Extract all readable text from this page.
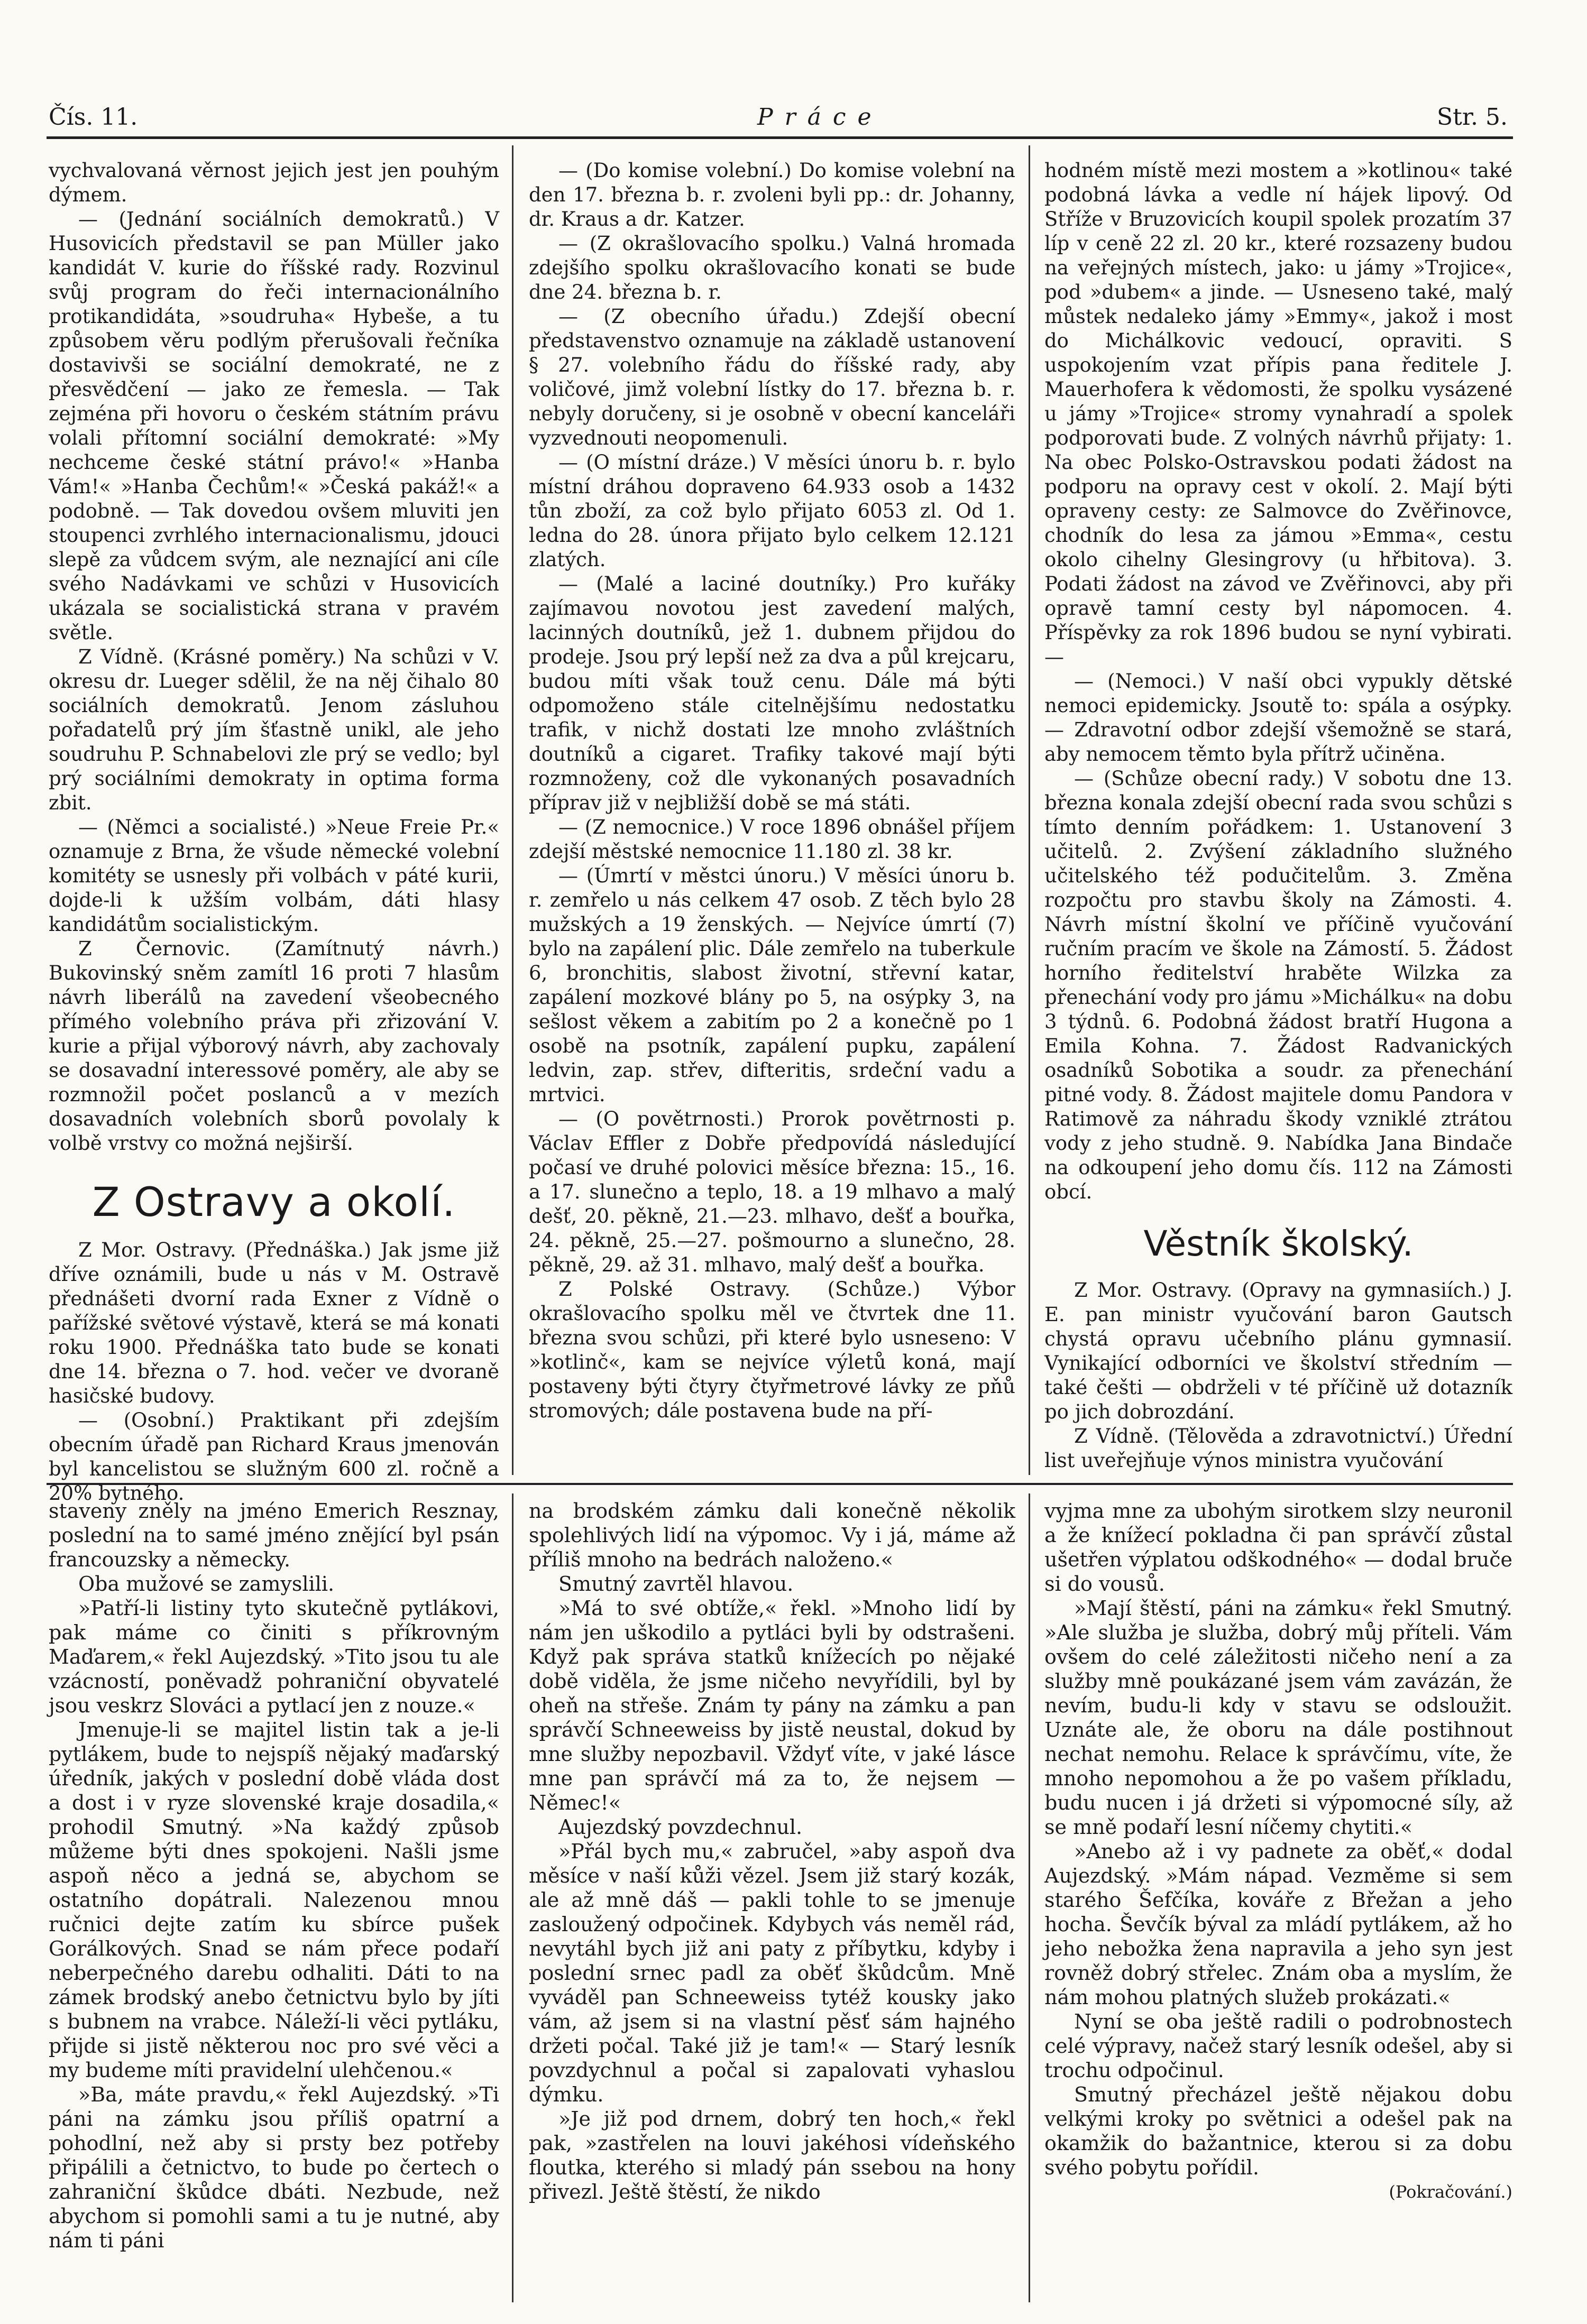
Čís. 11.	Práce	Str. 5.

vychvalovaná věrnost jejich jest jen pouhým dýmem.

— (Jednání sociálních demokratů.) V Husovicích představil se pan Müller jako kandidát V. kurie do říšské rady. Rozvinul svůj program do řeči internacionálního protikandidáta, »soudruha« Hybeše, a tu způsobem věru podlým přerušovali řečníka dostavivši se sociální demokraté, ne z přesvědčení — jako ze řemesla. — Tak zejména při hovoru o českém státním právu volali přítomní sociální demokraté: »My nechceme české státní právo!« »Hanba Vám!« »Hanba Čechům!« »Česká pakáž!« a podobně. — Tak dovedou ovšem mluviti jen stoupenci zvrhlého internacionalismu, jdouci slepě za vůdcem svým, ale neznající ani cíle svého Nadávkami ve schůzi v Husovicích ukázala se socialistická strana v pravém světle.

Z Vídně. (Krásné poměry.) Na schůzi v V. okresu dr. Lueger sdělil, že na něj čihalo 80 sociálních demokratů. Jenom zásluhou pořadatelů prý jím šťastně unikl, ale jeho soudruhu P. Schnabelovi zle prý se vedlo; byl prý sociálními demokraty in optima forma zbit.

— (Němci a socialisté.) »Neue Freie Pr.« oznamuje z Brna, že všude německé volební komitéty se usnesly při volbách v páté kurii, dojde-li k užším volbám, dáti hlasy kandidátům socialistickým.

Z Černovic. (Zamítnutý návrh.) Bukovinský sněm zamítl 16 proti 7 hlasům návrh liberálů na zavedení všeobecného přímého volebního práva při zřizování V. kurie a přijal výborový návrh, aby zachovaly se dosavadní interessové poměry, ale aby se rozmnožil počet poslanců a v mezích dosavadních volebních sborů povolaly k volbě vrstvy co možná nejširší.

Z Ostravy a okolí.

Z Mor. Ostravy. (Přednáška.) Jak jsme již dříve oznámili, bude u nás v M. Ostravě přednášeti dvorní rada Exner z Vídně o pařížské světové výstavě, která se má konati roku 1900. Přednáška tato bude se konati dne 14. března o 7. hod. večer ve dvoraně hasičské budovy.

— (Osobní.) Praktikant při zdejším obecním úřadě pan Richard Kraus jmenován byl kancelistou se služným 600 zl. ročně a 20% bytného.

— (Do komise volební.) Do komise volební na den 17. března b. r. zvoleni byli pp.: dr. Johanny, dr. Kraus a dr. Katzer.

— (Z okrašlovacího spolku.) Valná hromada zdejšího spolku okrašlovacího konati se bude dne 24. března b. r.

— (Z obecního úřadu.) Zdejší obecní představenstvo oznamuje na základě ustanovení § 27. volebního řádu do říšské rady, aby voličové, jimž volební lístky do 17. března b. r. nebyly doručeny, si je osobně v obecní kanceláři vyzvednouti neopomenuli.

— (O místní dráze.) V měsíci únoru b. r. bylo místní dráhou dopraveno 64.933 osob a 1432 tůn zboží, za což bylo přijato 6053 zl. Od 1. ledna do 28. února přijato bylo celkem 12.121 zlatých.

— (Malé a laciné doutníky.) Pro kuřáky zajímavou novotou jest zavedení malých, lacinných doutníků, jež 1. dubnem přijdou do prodeje. Jsou prý lepší než za dva a půl krejcaru, budou míti však touž cenu. Dále má býti odpomoženo stále citelnějšímu nedostatku trafik, v nichž dostati lze mnoho zvláštních doutníků a cigaret. Trafiky takové mají býti rozmnoženy, což dle vykonaných posavadních příprav již v nejbližší době se má státi.

— (Z nemocnice.) V roce 1896 obnášel příjem zdejší městské nemocnice 11.180 zl. 38 kr.

— (Úmrtí v městci únoru.) V měsíci únoru b. r. zemřelo u nás celkem 47 osob. Z těch bylo 28 mužských a 19 ženských. — Nejvíce úmrtí (7) bylo na zapálení plic. Dále zemřelo na tuberkule 6, bronchitis, slabost životní, střevní katar, zapálení mozkové blány po 5, na osýpky 3, na sešlost věkem a zabitím po 2 a konečně po 1 osobě na psotník, zapálení pupku, zapálení ledvin, zap. střev, difteritis, srdeční vadu a mrtvici.

— (O povětrnosti.) Prorok povětrnosti p. Václav Effler z Dobře předpovídá následující počasí ve druhé polovici měsíce března: 15., 16. a 17. slunečno a teplo, 18. a 19 mlhavo a malý dešť, 20. pěkně, 21.—23. mlhavo, dešť a bouřka, 24. pěkně, 25.—27. pošmourno a slunečno, 28. pěkně, 29. až 31. mlhavo, malý dešť a bouřka.

Z Polské Ostravy. (Schůze.) Výbor okrašlovacího spolku měl ve čtvrtek dne 11. března svou schůzi, při které bylo usneseno: V »kotlinč«, kam se nejvíce výletů koná, mají postaveny býti čtyry čtyřmetrové lávky ze pňů stromových; dále postavena bude na pří-

hodném místě mezi mostem a »kotlinou« také podobná lávka a vedle ní hájek lipový. Od Stříže v Bruzovicích koupil spolek prozatím 37 líp v ceně 22 zl. 20 kr., které rozsazeny budou na veřejných místech, jako: u jámy »Trojice«, pod »dubem« a jinde. — Usneseno také, malý můstek nedaleko jámy »Emmy«, jakož i most do Michálkovic vedoucí, opraviti. S uspokojením vzat přípis pana ředitele J. Mauerhofera k vědomosti, že spolku vysázené u jámy »Trojice« stromy vynahradí a spolek podporovati bude. Z volných návrhů přijaty: 1. Na obec Polsko-Ostravskou podati žádost na podporu na opravy cest v okolí. 2. Mají býti opraveny cesty: ze Salmovce do Zvěřinovce, chodník do lesa za jámou »Emma«, cestu okolo cihelny Glesingrovy (u hřbitova). 3. Podati žádost na závod ve Zvěřinovci, aby při opravě tamní cesty byl nápomocen. 4. Příspěvky za rok 1896 budou se nyní vybirati. —

— (Nemoci.) V naší obci vypukly dětské nemoci epidemicky. Jsoutě to: spála a osýpky. — Zdravotní odbor zdejší všemožně se stará, aby nemocem těmto byla přítrž učiněna.

— (Schůze obecní rady.) V sobotu dne 13. března konala zdejší obecní rada svou schůzi s tímto denním pořádkem: 1. Ustanovení 3 učitelů. 2. Zvýšení základního služného učitelského též podučitelům. 3. Změna rozpočtu pro stavbu školy na Zámosti. 4. Návrh místní školní ve příčině vyučování ručním pracím ve škole na Zámostí. 5. Žádost horního ředitelství hraběte Wilzka za přenechání vody pro jámu »Michálku« na dobu 3 týdnů. 6. Podobná žádost bratří Hugona a Emila Kohna. 7. Žádost Radvanických osadníků Sobotika a soudr. za přenechání pitné vody. 8. Žádost majitele domu Pandora v Ratimově za náhradu škody vzniklé ztrátou vody z jeho studně. 9. Nabídka Jana Bindače na odkoupení jeho domu čís. 112 na Zámosti obcí.

Věstník školský.

Z Mor. Ostravy. (Opravy na gymnasiích.) J. E. pan ministr vyučování baron Gautsch chystá opravu učebního plánu gymnasií. Vynikající odborníci ve školství středním — také češti — obdrželi v té příčině už dotazník po jich dobrozdání.

Z Vídně. (Tělověda a zdravotnictví.) Úřední list uveřejňuje výnos ministra vyučování

staveny zněly na jméno Emerich Resznay, poslední na to samé jméno znějící byl psán francouzsky a německy.

Oba mužové se zamyslili.

»Patří-li listiny tyto skutečně pytlákovi, pak máme co činiti s příkrovným Maďarem,« řekl Aujezdský. »Tito jsou tu ale vzácností, poněvadž pohraniční obyvatelé jsou veskrz Slováci a pytlací jen z nouze.«

Jmenuje-li se majitel listin tak a je-li pytlákem, bude to nejspíš nějaký maďarský úředník, jakých v poslední době vláda dost a dost i v ryze slovenské kraje dosadila,« prohodil Smutný. »Na každý způsob můžeme býti dnes spokojeni. Našli jsme aspoň něco a jedná se, abychom se ostatního dopátrali. Nalezenou mnou ručnici dejte zatím ku sbírce pušek Gorálkových. Snad se nám přece podaří neberpečného darebu odhaliti. Dáti to na zámek brodský anebo četnictvu bylo by jíti s bubnem na vrabce. Náleží-li věci pytláku, přijde si jistě některou noc pro své věci a my budeme míti pravidelní ulehčenou.«

»Ba, máte pravdu,« řekl Aujezdský. »Ti páni na zámku jsou příliš opatrní a pohodlní, než aby si prsty bez potřeby připálili a četnictvo, to bude po čertech o zahraniční škůdce dbáti. Nezbude, než abychom si pomohli sami a tu je nutné, aby nám ti páni

na brodském zámku dali konečně několik spolehlivých lidí na výpomoc. Vy i já, máme až příliš mnoho na bedrách naloženo.«

Smutný zavrtěl hlavou.

»Má to své obtíže,« řekl. »Mnoho lidí by nám jen uškodilo a pytláci byli by odstrašeni. Když pak správa statků knížecích po nějaké době viděla, že jsme ničeho nevyřídili, byl by oheň na střeše. Znám ty pány na zámku a pan správčí Schneeweiss by jistě neustal, dokud by mne služby nepozbavil. Vždyť víte, v jaké lásce mne pan správčí má za to, že nejsem — Němec!«

Aujezdský povzdechnul.

»Přál bych mu,« zabručel, »aby aspoň dva měsíce v naší kůži vězel. Jsem již starý kozák, ale až mně dáš — pakli tohle to se jmenuje zasloužený odpočinek. Kdybych vás neměl rád, nevytáhl bych již ani paty z příbytku, kdyby i poslední srnec padl za oběť škůdcům. Mně vyváděl pan Schneeweiss tytéž kousky jako vám, až jsem si na vlastní pěsť sám hajného držeti počal. Také již je tam!« — Starý lesník povzdychnul a počal si zapalovati vyhaslou dýmku.

»Je již pod drnem, dobrý ten hoch,« řekl pak, »zastřelen na louvi jakéhosi vídeňského floutka, kterého si mladý pán ssebou na hony přivezl. Ještě štěstí, že nikdo

vyjma mne za ubohým sirotkem slzy neuronil a že knížecí pokladna či pan správčí zůstal ušetřen výplatou odškodného« — dodal bruče si do vousů.

»Mají štěstí, páni na zámku« řekl Smutný. »Ale služba je služba, dobrý můj příteli. Vám ovšem do celé záležitosti ničeho není a za služby mně poukázané jsem vám zavázán, že nevím, budu-li kdy v stavu se odsloužit. Uznáte ale, že oboru na dále postihnout nechat nemohu. Relace k správčímu, víte, že mnoho nepomohou a že po vašem příkladu, budu nucen i já držeti si výpomocné síly, až se mně podaří lesní níčemy chytiti.«

»Anebo až i vy padnete za oběť,« dodal Aujezdský. »Mám nápad. Vezměme si sem starého Šefčíka, kováře z Břežan a jeho hocha. Ševčík býval za mládí pytlákem, až ho jeho nebožka žena napravila a jeho syn jest rovněž dobrý střelec. Znám oba a myslím, že nám mohou platných služeb prokázati.«

Nyní se oba ještě radili o podrobnostech celé výpravy, načež starý lesník odešel, aby si trochu odpočinul.

Smutný přecházel ještě nějakou dobu velkými kroky po světnici a odešel pak na okamžik do bažantnice, kterou si za dobu svého pobytu pořídil.

(Pokračování.)
